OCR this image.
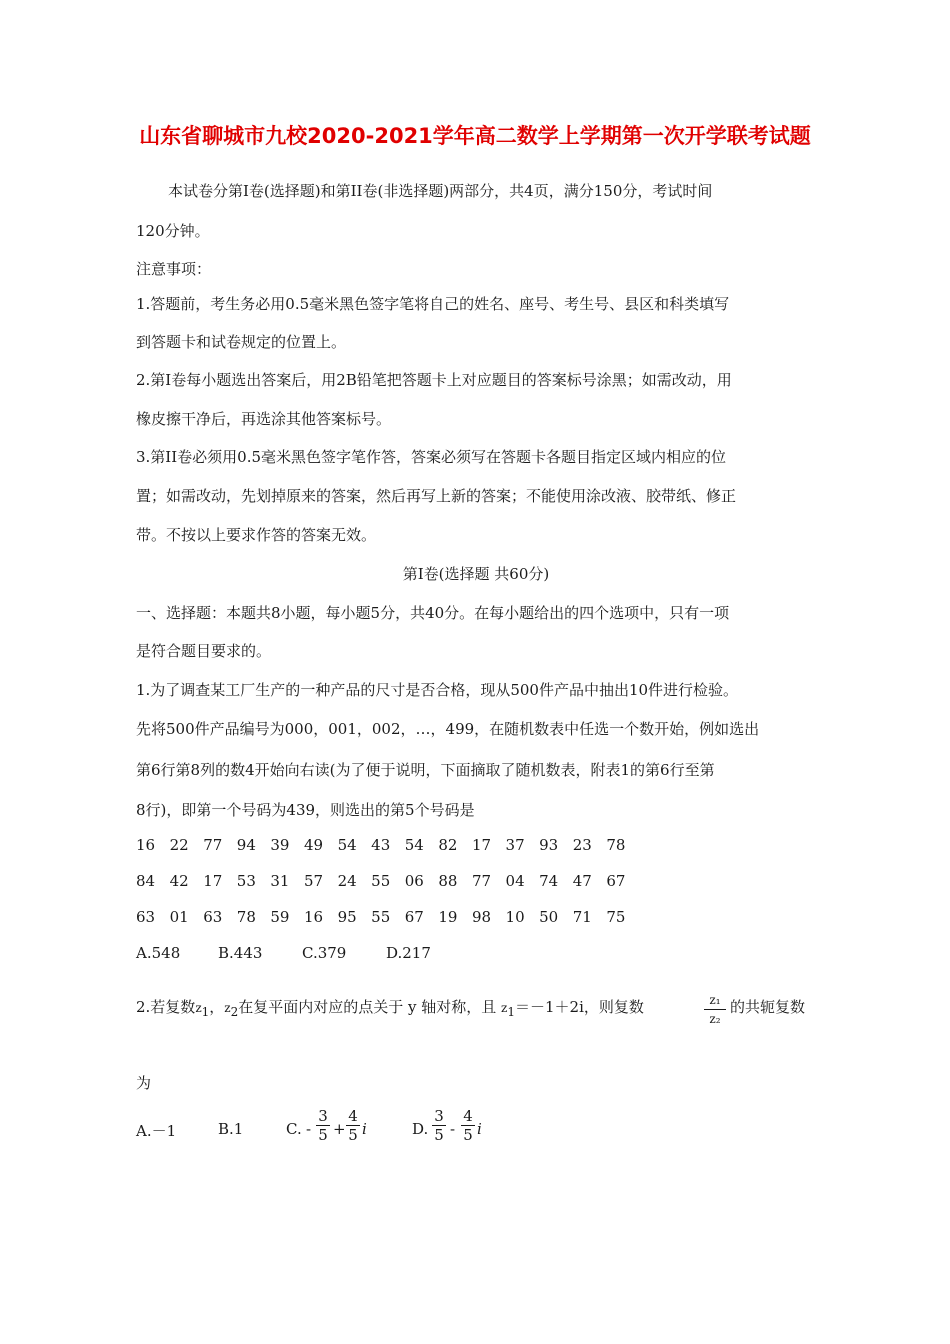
山东省聊城市九校2020-2021学年高二数学上学期第一次开学联考试题
本试卷分第Ⅰ卷(选择题)和第II卷(非选择题)两部分，共4页，满分150分，考试时间
120分钟。
注意事项：
1.答题前，考生务必用0.5毫米黑色签字笔将自己的姓名、座号、考生号、县区和科类填写
到答题卡和试卷规定的位置上。
2.第Ⅰ卷每小题选出答案后，用2B铅笔把答题卡上对应题目的答案标号涂黑；如需改动，用
橡皮擦干净后，再选涂其他答案标号。
3.第II卷必须用0.5毫米黑色签字笔作答，答案必须写在答题卡各题目指定区域内相应的位
置；如需改动，先划掉原来的答案，然后再写上新的答案；不能使用涂改液、胶带纸、修正
带。不按以上要求作答的答案无效。
第Ⅰ卷(选择题 共60分)
一、选择题：本题共8小题，每小题5分，共40分。在每小题给出的四个选项中，只有一项
是符合题目要求的。
1.为了调查某工厂生产的一种产品的尺寸是否合格，现从500件产品中抽出10件进行检验。
先将500件产品编号为000，001，002，…，499，在随机数表中任选一个数开始，例如选出
第6行第8列的数4开始向右读(为了便于说明，下面摘取了随机数表，附表1的第6行至第
8行)，即第一个号码为439，则选出的第5个号码是
16 22 77 94 39 49 54 43 54 82 17 37 93 23 78
84 42 17 53 31 57 24 55 06 88 77 04 74 47 67
63 01 63 78 59 16 95 55 67 19 98 10 50 71 75
A.548	B.443	C.379	D.217
2.若复数$z_1$，$z_2$在复平面内对应的点关于 y 轴对称，且 $z_1=-1+2i$，则复数	z₁
z₂
的共轭复数
为
A.－1	B.1	C. -
3
5 +
4
5 i	D.
3
5 -
4
5 i
